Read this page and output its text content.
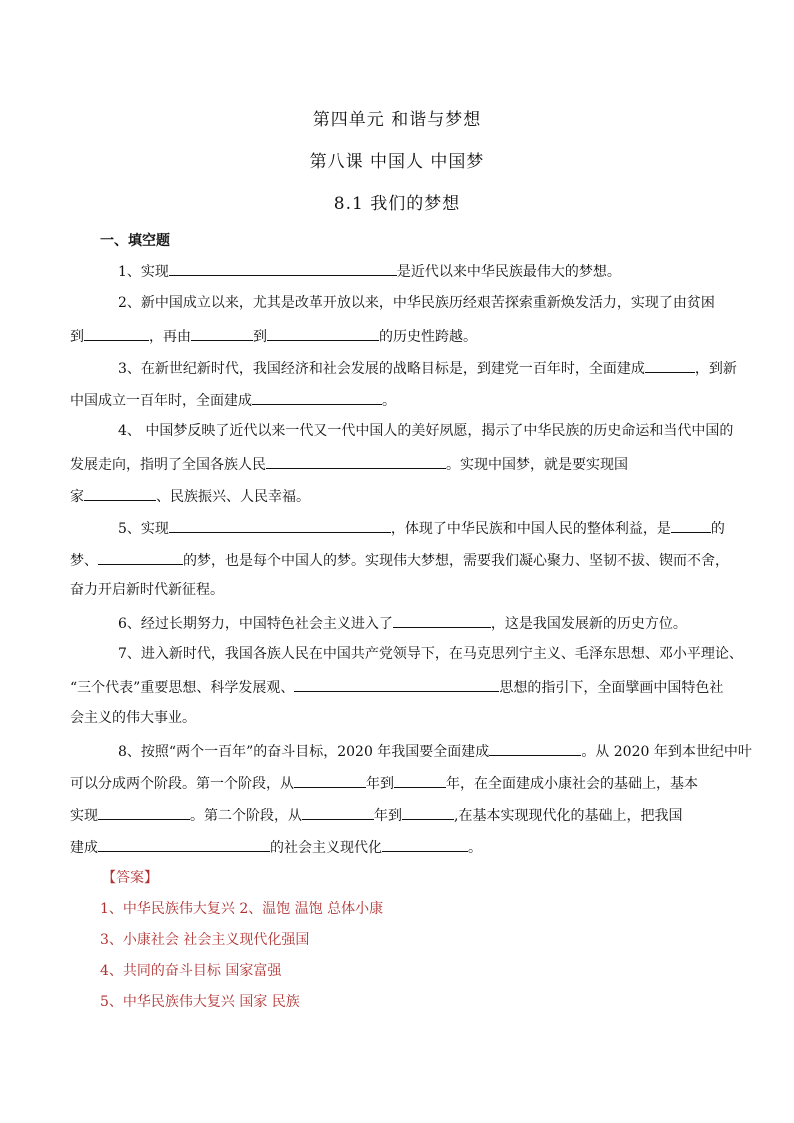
第四单元 和谐与梦想
第八课 中国人 中国梦
8.1 我们的梦想
一、填空题
1、实现	是近代以来中华民族最伟大的梦想。
2、新中国成立以来，尤其是改革开放以来，中华民族历经艰苦探索重新焕发活力，实现了由贫困
到	，再由	到	的历史性跨越。
3、在新世纪新时代，我国经济和社会发展的战略目标是，到建党一百年时，全面建成	，到新
中国成立一百年时，全面建成	。
4、 中国梦反映了近代以来一代又一代中国人的美好夙愿，揭示了中华民族的历史命运和当代中国的
发展走向，指明了全国各族人民	。实现中国梦，就是要实现国
家	、民族振兴、人民幸福。
5、实现	，体现了中华民族和中国人民的整体利益，是	的
梦、	的梦，也是每个中国人的梦。实现伟大梦想，需要我们凝心聚力、坚韧不拔、锲而不舍，
奋力开启新时代新征程。
6、经过长期努力，中国特色社会主义进入了	，这是我国发展新的历史方位。
7、进入新时代，我国各族人民在中国共产党领导下，在马克思列宁主义、毛泽东思想、邓小平理论、
“三个代表”重要思想、科学发展观、	思想的指引下，全面擘画中国特色社
会主义的伟大事业。
8、按照“两个一百年”的奋斗目标，2020 年我国要全面建成	。从 2020 年到本世纪中叶
可以分成两个阶段。第一个阶段，从	年到	年，在全面建成小康社会的基础上，基本
实现	。第二个阶段，从	年到	,在基本实现现代化的基础上，把我国
建成	的社会主义现代化	。
【答案】
1、中华民族伟大复兴 2、温饱 温饱 总体小康
3、小康社会 社会主义现代化强国
4、共同的奋斗目标 国家富强
5、中华民族伟大复兴 国家 民族
